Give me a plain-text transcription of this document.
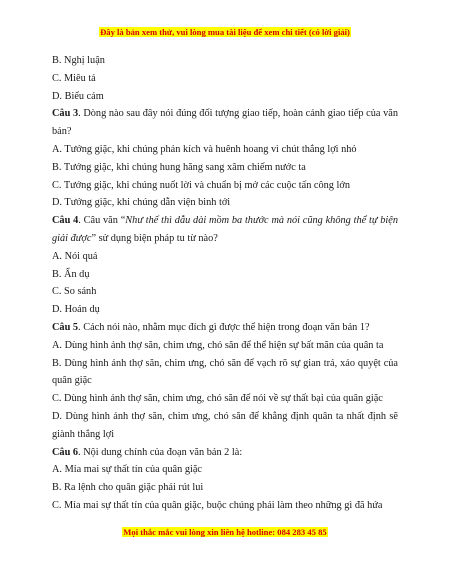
Đây là bản xem thử, vui lòng mua tài liệu để xem chi tiết (có lời giải)
B. Nghị luận
C. Miêu tả
D. Biểu cảm
Câu 3. Dòng nào sau đây nói đúng đối tượng giao tiếp, hoàn cảnh giao tiếp của văn bản?
A. Tướng giặc, khi chúng phản kích và huênh hoang vì chút thắng lợi nhỏ
B. Tướng giặc, khi chúng hung hăng sang xâm chiếm nước ta
C. Tướng giặc, khi chúng nuốt lời và chuẩn bị mở các cuộc tấn công lớn
D. Tướng giặc, khi chúng dẫn viện binh tới
Câu 4. Câu văn “Như thế thì dẫu dài mồm ba thước mà nói cũng không thể tự biện giải được” sử dụng biện pháp tu từ nào?
A. Nói quá
B. Ẩn dụ
C. So sánh
D. Hoán dụ
Câu 5. Cách nói nào, nhằm mục đích gì được thể hiện trong đoạn văn bản 1?
A. Dùng hình ảnh thợ săn, chim ưng, chó săn để thể hiện sự bất mãn của quân ta
B. Dùng hình ảnh thợ săn, chim ưng, chó săn để vạch rõ sự gian trá, xảo quyệt của quân giặc
C. Dùng hình ảnh thợ săn, chim ưng, chó săn để nói về sự thất bại của quân giặc
D. Dùng hình ảnh thợ săn, chim ưng, chó săn để khẳng định quân ta nhất định sẽ giành thắng lợi
Câu 6. Nội dung chính của đoạn văn bản 2 là:
A. Mỉa mai sự thất tín của quân giặc
B. Ra lệnh cho quân giặc phải rút lui
C. Mỉa mai sự thất tín của quân giặc, buộc chúng phải làm theo những gì đã hứa
Mọi thắc mắc vui lòng xin liên hệ hotline: 084 283 45 85
